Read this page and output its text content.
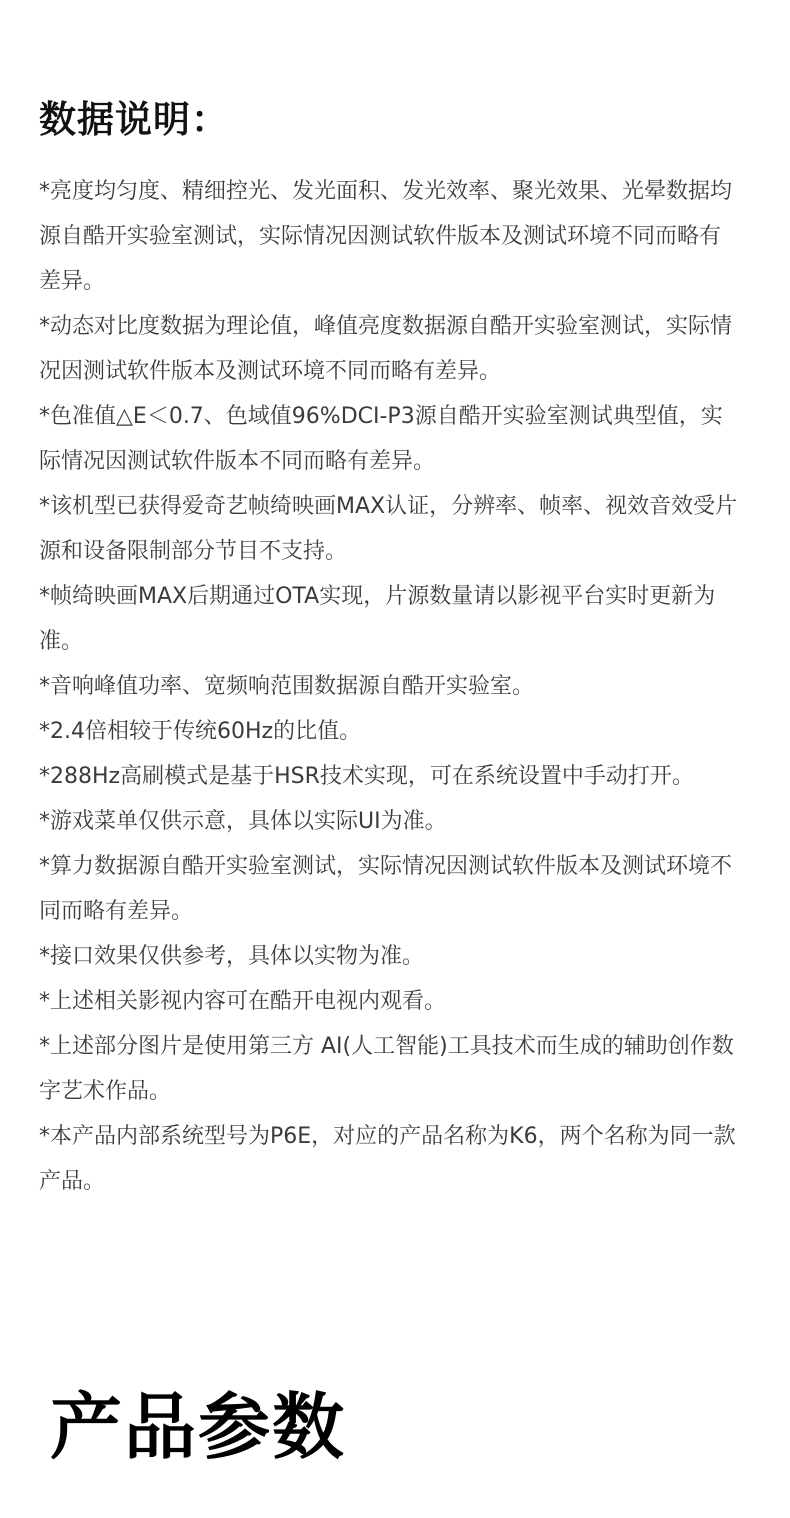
数据说明：
*亮度均匀度、精细控光、发光面积、发光效率、聚光效果、光晕数据均源自酷开实验室测试，实际情况因测试软件版本及测试环境不同而略有差异。
*动态对比度数据为理论值，峰值亮度数据源自酷开实验室测试，实际情况因测试软件版本及测试环境不同而略有差异。
*色准值△E＜0.7、色域值96%DCI-P3源自酷开实验室测试典型值，实际情况因测试软件版本不同而略有差异。
*该机型已获得爱奇艺帧绮映画MAX认证，分辨率、帧率、视效音效受片源和设备限制部分节目不支持。
*帧绮映画MAX后期通过OTA实现，片源数量请以影视平台实时更新为准。
*音响峰值功率、宽频响范围数据源自酷开实验室。
*2.4倍相较于传统60Hz的比值。
*288Hz高刷模式是基于HSR技术实现，可在系统设置中手动打开。
*游戏菜单仅供示意，具体以实际UI为准。
*算力数据源自酷开实验室测试，实际情况因测试软件版本及测试环境不同而略有差异。
*接口效果仅供参考，具体以实物为准。
*上述相关影视内容可在酷开电视内观看。
*上述部分图片是使用第三方 AI(人工智能)工具技术而生成的辅助创作数字艺术作品。
*本产品内部系统型号为P6E，对应的产品名称为K6，两个名称为同一款产品。
产品参数
